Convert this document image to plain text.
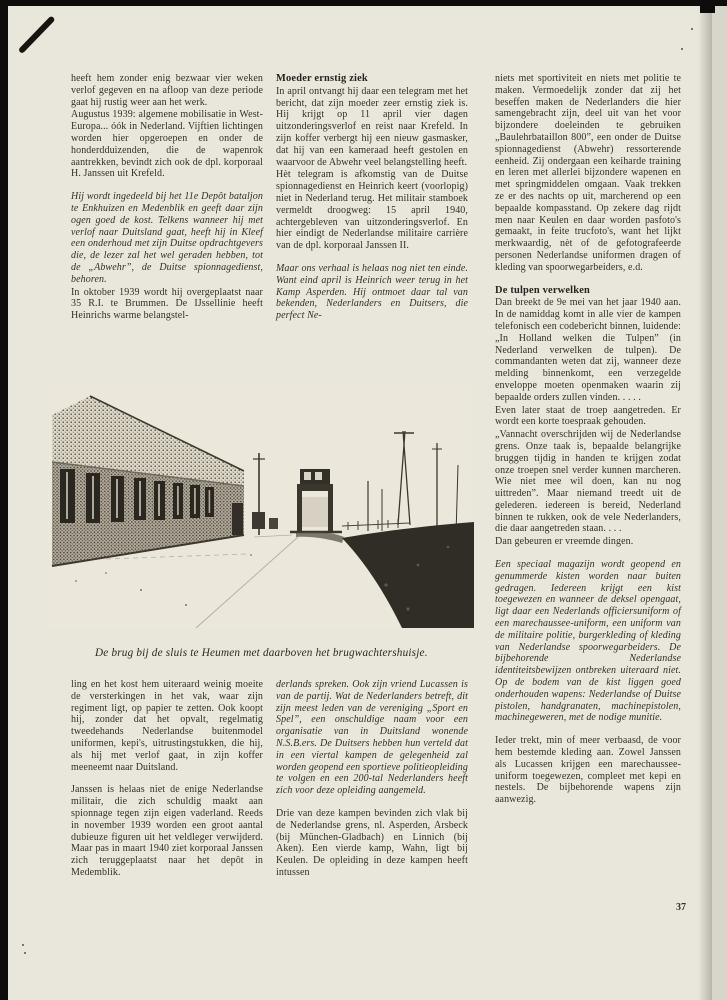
heeft hem zonder enig bezwaar vier weken verlof gegeven en na afloop van deze periode gaat hij rustig weer aan het werk.

Augustus 1939: algemene mobilisatie in West-Europa... óók in Nederland. Vijftien lichtingen worden hier opgeroepen en onder de honderdduizenden, die de wapenrok aantrekken, bevindt zich ook de dpl. korporaal H. Janssen uit Krefeld.

Hij wordt ingedeeld bij het 11e Depôt bataljon te Enkhuizen en Medenblik en geeft daar zijn ogen goed de kost. Telkens wanneer hij met verlof naar Duitsland gaat, heeft hij in Kleef een onderhoud met zijn Duitse opdrachtgevers die, de lezer zal het wel geraden hebben, tot de „Abwehr”, de Duitse spionnagedienst, behoren.

In oktober 1939 wordt hij overgeplaatst naar 35 R.I. te Brummen. De IJssellinie heeft Heinrichs warme belangstel-

Moeder ernstig ziek

In april ontvangt hij daar een telegram met het bericht, dat zijn moeder zeer ernstig ziek is. Hij krijgt op 11 april vier dagen uitzonderingsverlof en reist naar Krefeld. In zijn koffer verbergt hij een nieuw gasmasker, dat hij van een kameraad heeft gestolen en waarvoor de Abwehr veel belangstelling heeft.

Hèt telegram is afkomstig van de Duitse spionnagedienst en Heinrich keert (voorlopig) niet in Nederland terug. Het militair stamboek vermeldt droogweg: 15 april 1940, achtergebleven van uitzonderingsverlof. En hier eindigt de Nederlandse militaire carrière van de dpl. korporaal Janssen II.

Maar ons verhaal is helaas nog niet ten einde. Want eind april is Heinrich weer terug in het Kamp Asperden. Hij ontmoet daar tal van bekenden, Nederlanders en Duitsers, die perfect Ne-

niets met sportiviteit en niets met politie te maken. Vermoedelijk zonder dat zij het beseffen maken de Nederlanders die hier samengebracht zijn, deel uit van het voor bijzondere doeleinden te gebruiken „Baulehrbataillon 800”, een onder de Duitse spionnagedienst (Abwehr) ressorterende eenheid. Zij ondergaan een keiharde training en leren met allerlei bijzondere wapenen en met springmiddelen omgaan. Vaak trekken ze er des nachts op uit, marcherend op een bepaalde kompasstand. Op zekere dag rijdt men naar Keulen en daar worden pasfoto's gemaakt, in feite trucfoto's, want het lijkt merkwaardig, nèt of de gefotografeerde personen Nederlandse uniformen dragen of kleding van spoorwegarbeiders, e.d.

De tulpen verwelken

Dan breekt de 9e mei van het jaar 1940 aan. In de namiddag komt in alle vier de kampen telefonisch een codebericht binnen, luidende: „In Holland welken die Tulpen” (in Nederland verwelken de tulpen). De commandanten weten dat zij, wanneer deze melding binnenkomt, een verzegelde enveloppe moeten openmaken waarin zij bepaalde orders zullen vinden. . . . .

Even later staat de troep aangetreden. Er wordt een korte toespraak gehouden.

„Vannacht overschrijden wij de Nederlandse grens. Onze taak is, bepaalde belangrijke bruggen tijdig in handen te krijgen zodat onze troepen snel verder kunnen marcheren. Wie niet mee wil doen, kan nu nog uittreden”. Maar niemand treedt uit de gelederen. iedereen is bereid, Nederland binnen te rukken, ook de vele Nederlanders, die daar aangetreden staan. . . .

Dan gebeuren er vreemde dingen.

Een speciaal magazijn wordt geopend en genummerde kisten worden naar buiten gedragen. Iedereen krijgt een kist toegewezen en wanneer de deksel opengaat, ligt daar een Nederlands officiersuniform of een marechaussee-uniform, een uniform van de militaire politie, burgerkleding of kleding van Nederlandse spoorwegarbeiders. De bijbehorende Nederlandse identiteitsbewijzen ontbreken uiteraard niet. Op de bodem van de kist liggen goed onderhouden wapens: Nederlandse of Duitse pistolen, handgranaten, machinepistolen, machinegeweren, met de nodige munitie.

Ieder trekt, min of meer verbaasd, de voor hem bestemde kleding aan. Zowel Janssen als Lucassen krijgen een marechaussee-uniform toegewezen, compleet met kepi en nestels. De bijbehorende wapens zijn aanwezig.

De brug bij de sluis te Heumen met daarboven het brugwachtershuisje.

ling en het kost hem uiteraard weinig moeite de versterkingen in het vak, waar zijn regiment ligt, op papier te zetten. Ook koopt hij, zonder dat het opvalt, regelmatig tweedehands Nederlandse buitenmodel uniformen, kepi's, uitrustingstukken, die hij, als hij met verlof gaat, in zijn koffer meeneemt naar Duitsland.

Janssen is helaas niet de enige Nederlandse militair, die zich schuldig maakt aan spionnage tegen zijn eigen vaderland. Reeds in november 1939 worden een groot aantal dubieuze figuren uit het veldleger verwijderd. Maar pas in maart 1940 ziet korporaal Janssen zich teruggeplaatst naar het depôt in Medemblik.

derlands spreken. Ook zijn vriend Lucassen is van de partij. Wat de Nederlanders betreft, dit zijn meest leden van de vereniging „Sport en Spel”, een onschuldige naam voor een organisatie van in Duitsland wonende N.S.B.ers. De Duitsers hebben hun verteld dat in een viertal kampen de gelegenheid zal worden geopend een sportieve politieopleiding te volgen en een 200-tal Nederlanders heeft zich voor deze opleiding aangemeld.

Drie van deze kampen bevinden zich vlak bij de Nederlandse grens, nl. Asperden, Arsbeck (bij München-Gladbach) en Linnich (bij Aken). Een vierde kamp, Wahn, ligt bij Keulen. De opleiding in deze kampen heeft intussen

37
